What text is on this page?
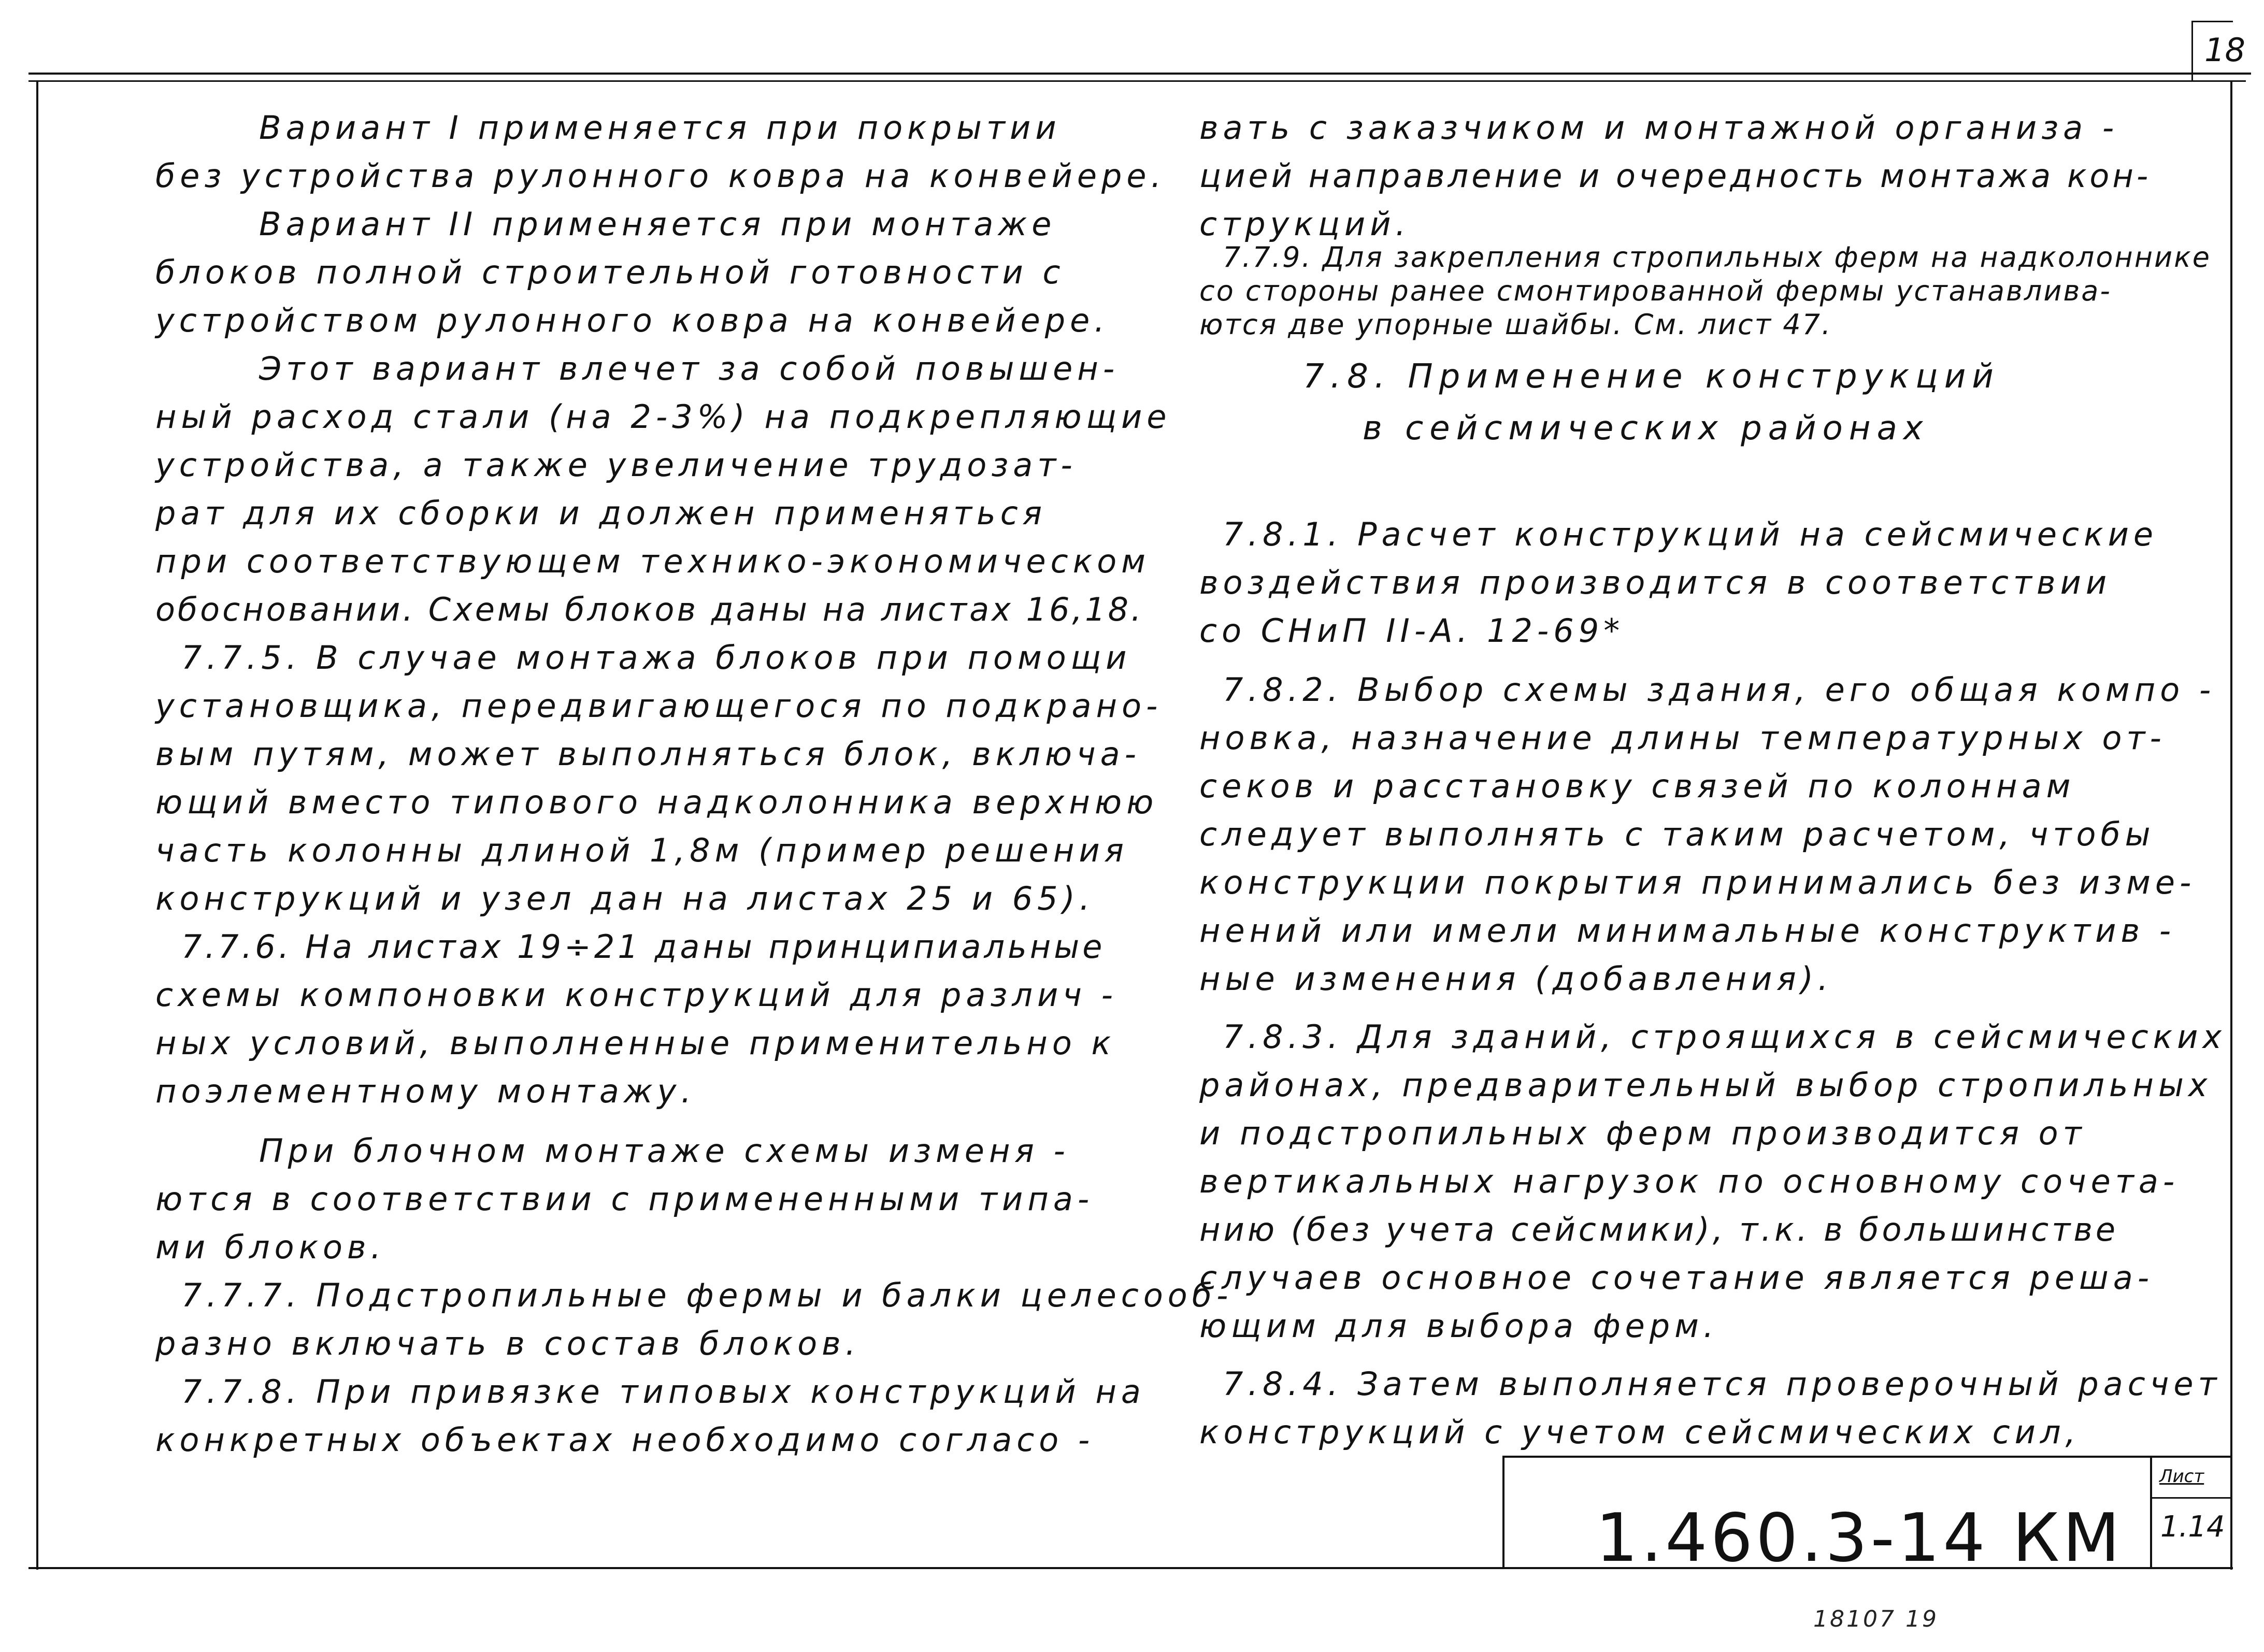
18
1.460.3-14 КМ
Лист
1.14
Вариант I применяется при покрытии
без устройства рулонного ковра на конвейере.
Вариант II применяется при монтаже
блоков полной строительной готовности с
устройством рулонного ковра на конвейере.
Этот вариант влечет за собой повышен-
ный расход стали (на 2-3%) на подкрепляющие
устройства, а также увеличение трудозат-
рат для их сборки и должен применяться
при соответствующем технико-экономическом
обосновании. Схемы блоков даны на листах 16,18.
7.7.5. В случае монтажа блоков при помощи
установщика, передвигающегося по подкрано-
вым путям, может выполняться блок, включа-
ющий вместо типового надколонника верхнюю
часть колонны длиной 1,8м (пример решения
конструкций и узел дан на листах 25 и 65).
7.7.6. На листах 19÷21 даны принципиальные
схемы компоновки конструкций для различ -
ных условий, выполненные применительно к
поэлементному монтажу.
При блочном монтаже схемы изменя -
ются в соответствии с примененными типа-
ми блоков.
7.7.7. Подстропильные фермы и балки целесооб-
разно включать в состав блоков.
7.7.8. При привязке типовых конструкций на
конкретных объектах необходимо согласо -
вать с заказчиком и монтажной организа -
цией направление и очередность монтажа кон-
струкций.
7.7.9. Для закрепления стропильных ферм на надколоннике
со стороны ранее смонтированной фермы устанавлива-
ются две упорные шайбы. См. лист 47.
7.8. Применение конструкций
в сейсмических районах
7.8.1. Расчет конструкций на сейсмические
воздействия производится в соответствии
со СНиП II-А. 12-69*
7.8.2. Выбор схемы здания, его общая компо -
новка, назначение длины температурных от-
секов и расстановку связей по колоннам
следует выполнять с таким расчетом, чтобы
конструкции покрытия принимались без изме-
нений или имели минимальные конструктив -
ные изменения (добавления).
7.8.3. Для зданий, строящихся в сейсмических
районах, предварительный выбор стропильных
и подстропильных ферм производится от
вертикальных нагрузок по основному сочета-
нию (без учета сейсмики), т.к. в большинстве
случаев основное сочетание является реша-
ющим для выбора ферм.
7.8.4. Затем выполняется проверочный расчет
конструкций с учетом сейсмических сил,
18107 19
